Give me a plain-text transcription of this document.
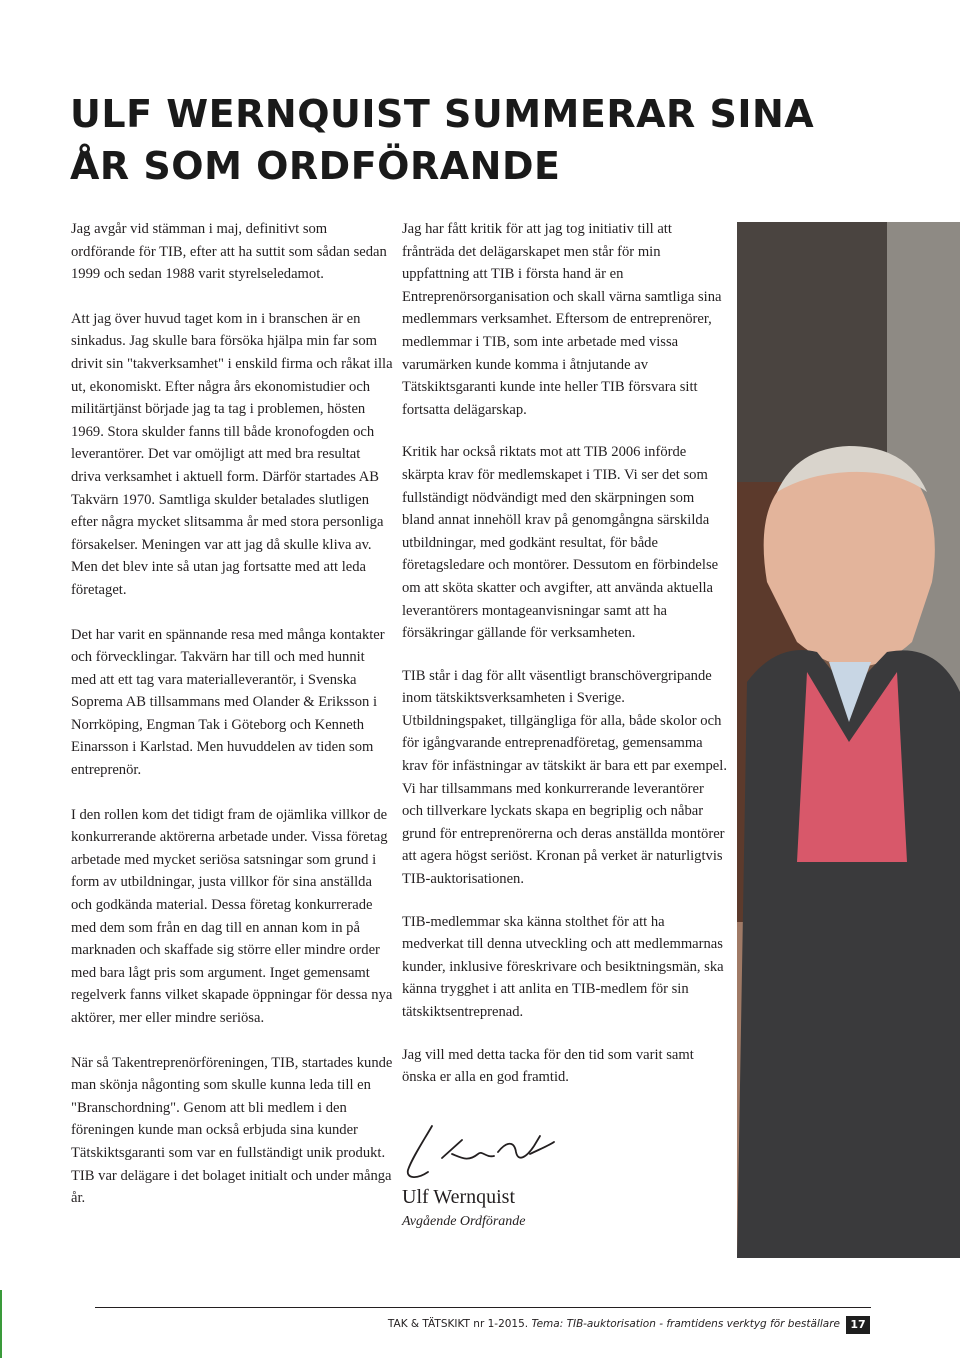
ULF WERNQUIST SUMMERAR SINA
ÅR SOM ORDFÖRANDE

Jag avgår vid stämman i maj, definitivt som ordförande för TIB, efter att ha suttit som sådan sedan 1999 och sedan 1988 varit styrelseledamot.

Att jag över huvud taget kom in i branschen är en sinkadus. Jag skulle bara försöka hjälpa min far som drivit sin "takverksamhet" i enskild firma och råkat illa ut, ekonomiskt. Efter några års ekonomistudier och militärtjänst började jag ta tag i problemen, hösten 1969. Stora skulder fanns till både kronofogden och leverantörer. Det var omöjligt att med bra resultat driva verksamhet i aktuell form. Därför startades AB Takvärn 1970. Samtliga skulder betalades slutligen efter några mycket slitsamma år med stora personliga försakelser. Meningen var att jag då skulle kliva av. Men det blev inte så utan jag fortsatte med att leda företaget.

Det har varit en spännande resa med många kontakter och förvecklingar. Takvärn har till och med hunnit med att ett tag vara materialleverantör, i Svenska Soprema AB tillsammans med Olander & Eriksson i Norrköping, Engman Tak i Göteborg och Kenneth Einarsson i Karlstad. Men huvuddelen av tiden som entreprenör.

I den rollen kom det tidigt fram de ojämlika villkor de konkurrerande aktörerna arbetade under. Vissa företag arbetade med mycket seriösa satsningar som grund i form av utbildningar, justa villkor för sina anställda och godkända material. Dessa företag konkurrerade med dem som från en dag till en annan kom in på marknaden och skaffade sig större eller mindre order med bara lågt pris som argument. Inget gemensamt regelverk fanns vilket skapade öppningar för dessa nya aktörer, mer eller mindre seriösa.

När så Takentreprenörföreningen, TIB, startades kunde man skönja någonting som skulle kunna leda till en "Branschordning". Genom att bli medlem i den föreningen kunde man också erbjuda sina kunder Tätskiktsgaranti som var en fullständigt unik produkt. TIB var delägare i det bolaget initialt och under många år.

Jag har fått kritik för att jag tog initiativ till att frånträda det delägarskapet men står för min uppfattning att TIB i första hand är en Entreprenörsorganisation och skall värna samtliga sina medlemmars verksamhet. Eftersom de entreprenörer, medlemmar i TIB, som inte arbetade med vissa varumärken kunde komma i åtnjutande av Tätskiktsgaranti kunde inte heller TIB försvara sitt fortsatta delägarskap.

Kritik har också riktats mot att TIB 2006 införde skärpta krav för medlemskapet i TIB. Vi ser det som fullständigt nödvändigt med den skärpningen som bland annat innehöll krav på genomgångna särskilda utbildningar, med godkänt resultat, för både företagsledare och montörer. Dessutom en förbindelse om att sköta skatter och avgifter, att använda aktuella leverantörers montageanvisningar samt att ha försäkringar gällande för verksamheten.

TIB står i dag för allt väsentligt branschövergripande inom tätskiktsverksamheten i Sverige. Utbildningspaket, tillgängliga för alla, både skolor och för igångvarande entreprenadföretag, gemensamma krav för infästningar av tätskikt är bara ett par exempel. Vi har tillsammans med konkurrerande leverantörer och tillverkare lyckats skapa en begriplig och nåbar grund för entreprenörerna och deras anställda montörer att agera högst seriöst. Kronan på verket är naturligtvis TIB-auktorisationen.

TIB-medlemmar ska känna stolthet för att ha medverkat till denna utveckling och att medlemmarnas kunder, inklusive föreskrivare och besiktningsmän, ska känna trygghet i att anlita en TIB-medlem för sin tätskiktsentreprenad.

Jag vill med detta tacka för den tid som varit samt önska er alla en god framtid.

Ulf Wernquist
Avgående Ordförande
TAK & TÄTSKIKT nr 1-2015. Tema: TIB-auktorisation - framtidens verktyg för beställare 17
